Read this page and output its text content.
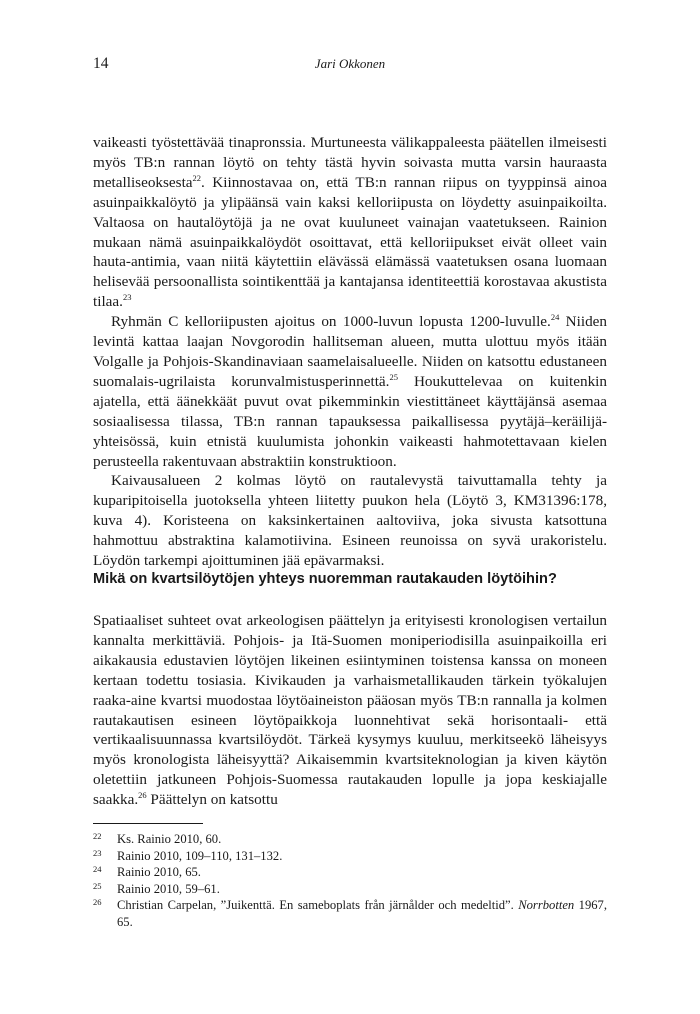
14	Jari Okkonen

vaikeasti työstettävää tinapronssia. Murtuneesta välikappaleesta päätellen ilmeisesti myös TB:n rannan löytö on tehty tästä hyvin soivasta mutta varsin hauraasta metalliseoksesta$^{22}$. Kiinnostavaa on, että TB:n rannan riipus on tyyppinsä ainoa asuinpaikkalöytö ja ylipäänsä vain kaksi kelloriipusta on löydetty asuinpaikoilta. Valtaosa on hautalöytöjä ja ne ovat kuuluneet vainajan vaatetukseen. Rainion mukaan nämä asuinpaikkalöydöt osoittavat, että kelloriipukset eivät olleet vain hauta-antimia, vaan niitä käytettiin elävässä elämässä vaatetuksen osana luomaan helisevää persoonallista sointikenttää ja kantajansa identiteettiä korostavaa akustista tilaa.$^{23}$

Ryhmän C kelloriipusten ajoitus on 1000-luvun lopusta 1200-luvulle.$^{24}$ Niiden levintä kattaa laajan Novgorodin hallitseman alueen, mutta ulottuu myös itään Volgalle ja Pohjois-Skandinaviaan saamelaisalueelle. Niiden on katsottu edustaneen suomalais-ugrilaista korunvalmistusperinnettä.$^{25}$ Houkuttelevaa on kuitenkin ajatella, että äänekkäät puvut ovat pikemminkin viestittäneet käyttäjänsä asemaa sosiaalisessa tilassa, TB:n rannan tapauksessa paikallisessa pyytäjä–keräilijä-yhteisössä, kuin etnistä kuulumista johonkin vaikeasti hahmotettavaan kielen perusteella rakentuvaan abstraktiin konstruktioon.

Kaivausalueen 2 kolmas löytö on rautalevystä taivuttamalla tehty ja kuparipitoisella juotoksella yhteen liitetty puukon hela (Löytö 3, KM31396:178, kuva 4). Koristeena on kaksinkertainen aaltoviiva, joka sivusta katsottuna hahmottuu abstraktina kalamotiivina. Esineen reunoissa on syvä urakoristelu. Löydön tarkempi ajoittuminen jää epävarmaksi.

Mikä on kvartsilöytöjen yhteys nuoremman rautakauden löytöihin?

Spatiaaliset suhteet ovat arkeologisen päättelyn ja erityisesti kronologisen vertailun kannalta merkittäviä. Pohjois- ja Itä-Suomen moniperiodisilla asuinpaikoilla eri aikakausia edustavien löytöjen likeinen esiintyminen toistensa kanssa on moneen kertaan todettu tosiasia. Kivikauden ja varhaismetallikauden tärkein työkalujen raaka-aine kvartsi muodostaa löytöaineiston pääosan myös TB:n rannalla ja kolmen rautakautisen esineen löytöpaikkoja luonnehtivat sekä horisontaali- että vertikaalisuunnassa kvartsilöydöt. Tärkeä kysymys kuuluu, merkitseekö läheisyys myös kronologista läheisyyttä? Aikaisemmin kvartsiteknologian ja kiven käytön oletettiin jatkuneen Pohjois-Suomessa rautakauden lopulle ja jopa keskiajalle saakka.$^{26}$ Päättelyn on katsottu

22	Ks. Rainio 2010, 60.
23	Rainio 2010, 109–110, 131–132.
24	Rainio 2010, 65.
25	Rainio 2010, 59–61.
26	Christian Carpelan, ”Juikenttä. En sameboplats från järnålder och medeltid”. Norrbotten 1967, 65.
